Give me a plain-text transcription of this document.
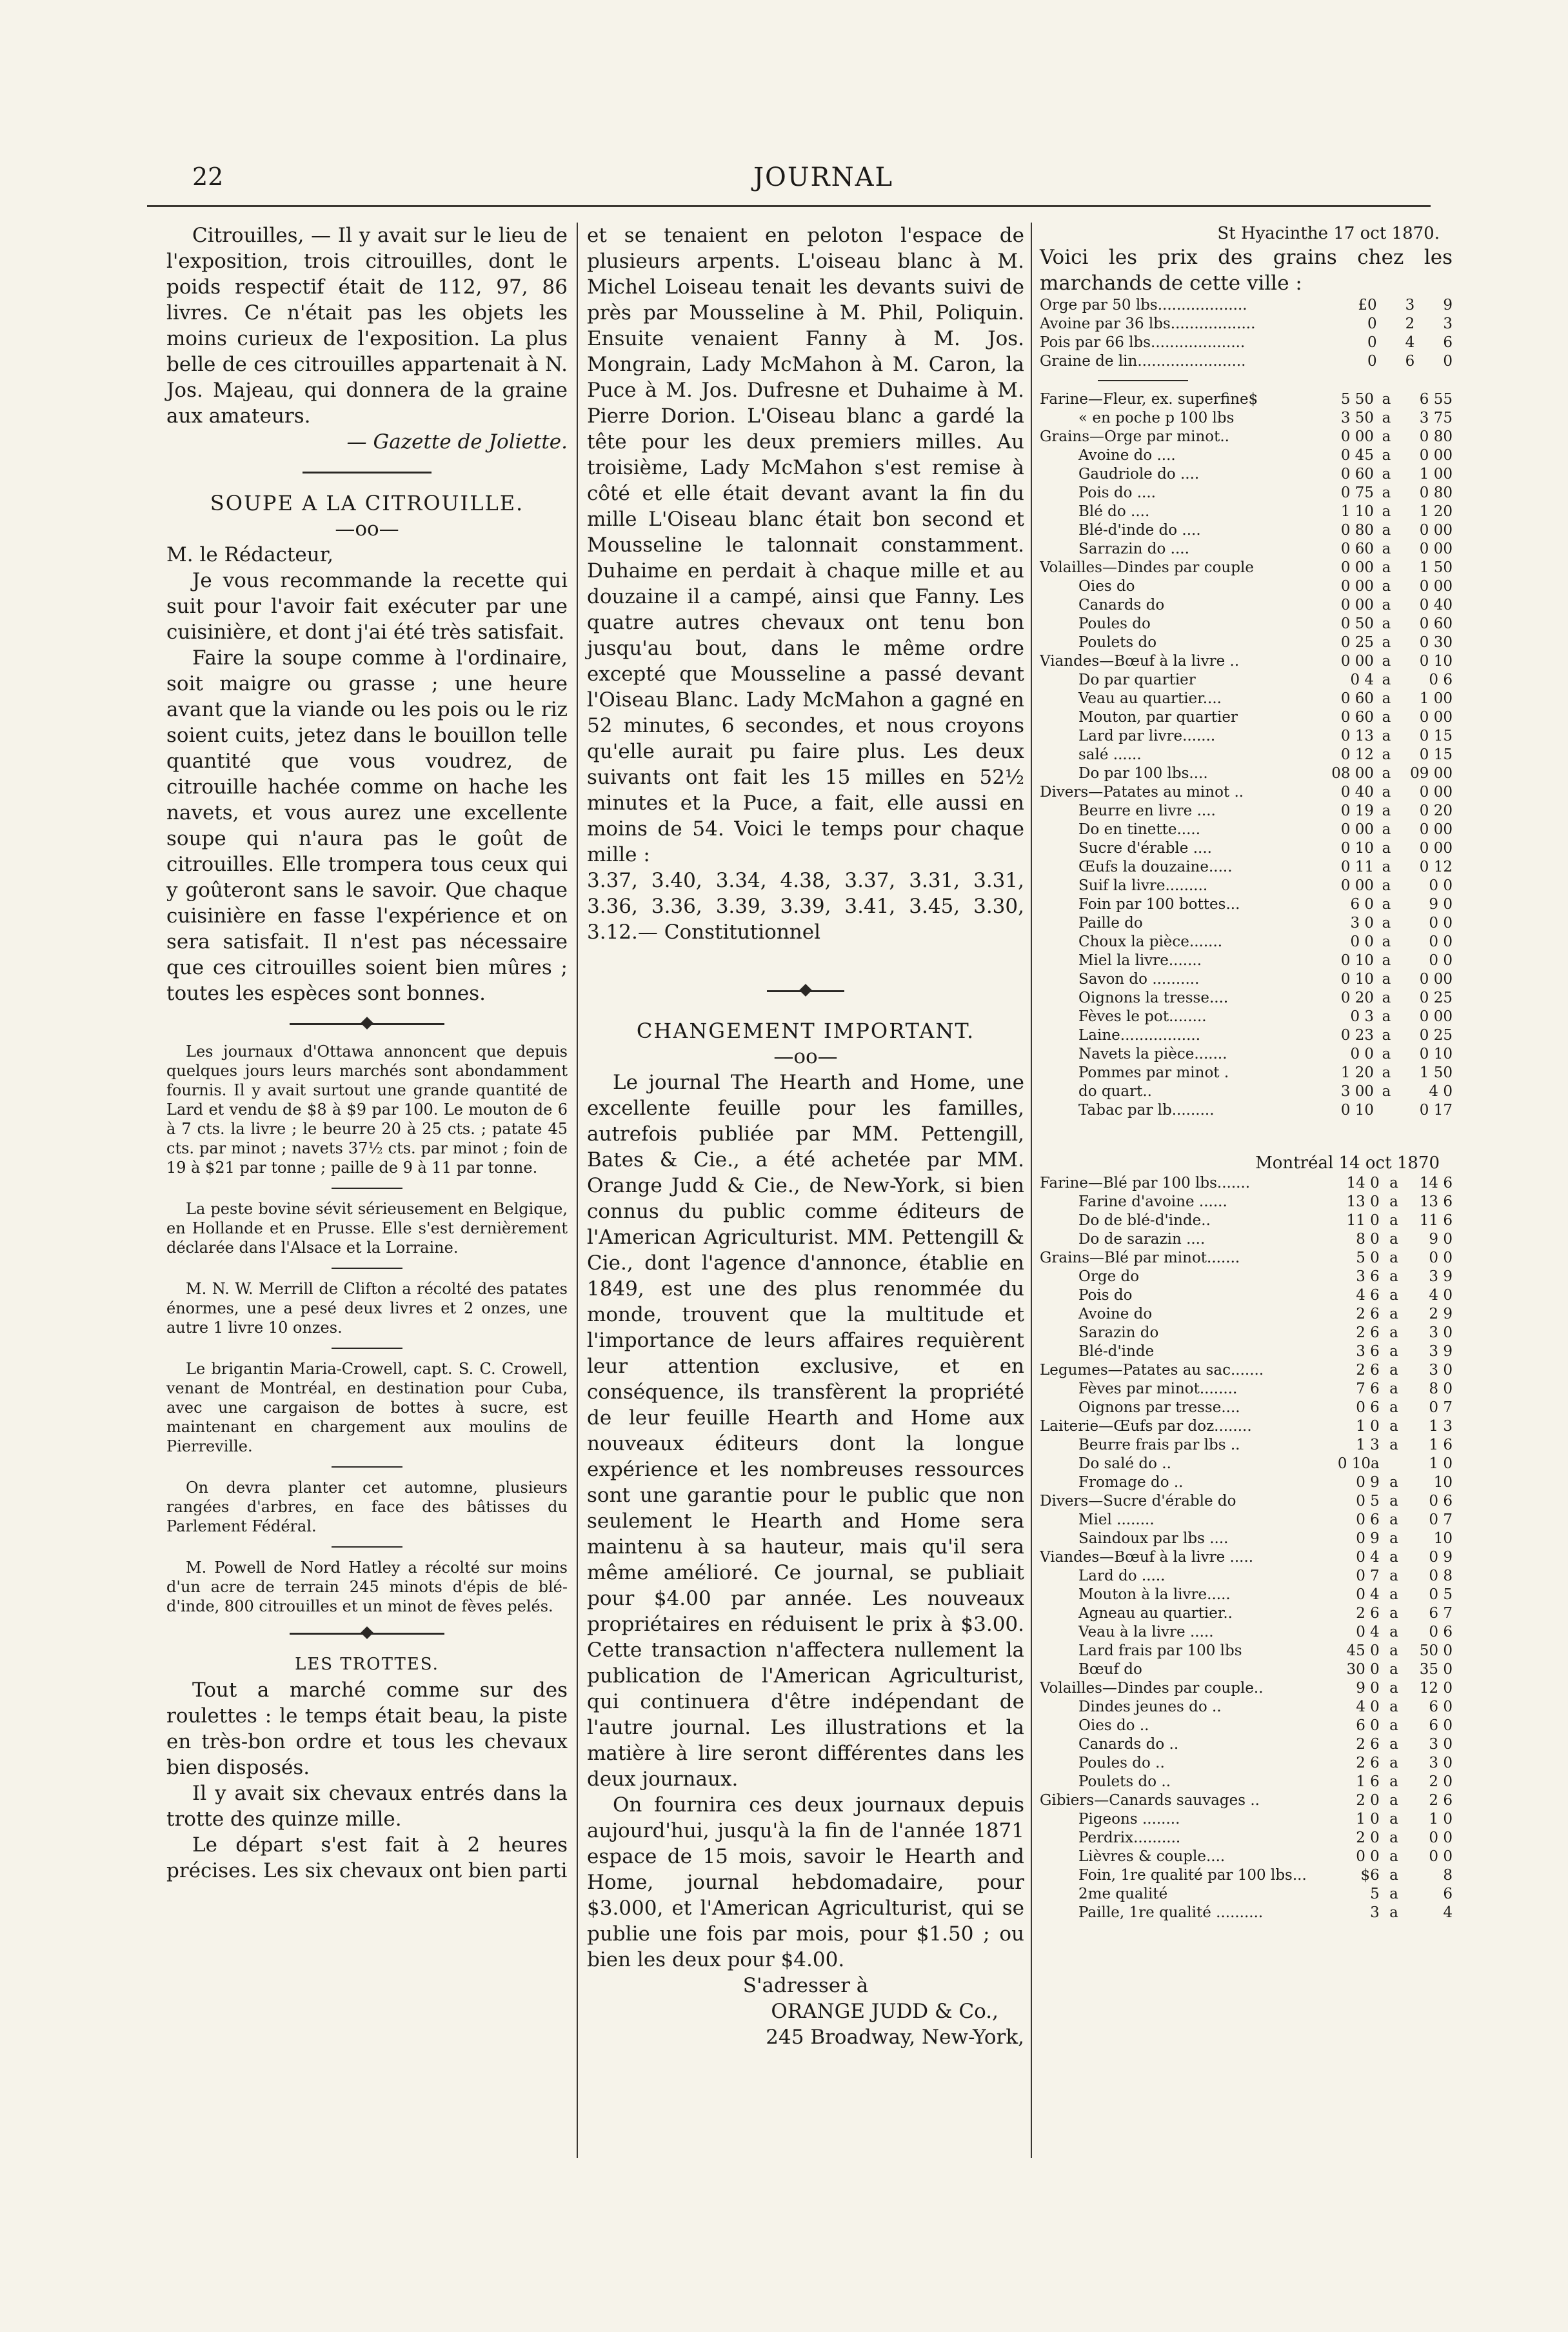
22	JOURNAL

Citrouilles, — Il y avait sur le lieu de l'exposition, trois citrouilles, dont le poids respectif était de 112, 97, 86 livres. Ce n'était pas les objets les moins curieux de l'exposition. La plus belle de ces citrouilles appartenait à N. Jos. Majeau, qui donnera de la graine aux amateurs.

— Gazette de Joliette.

SOUPE A LA CITROUILLE.

—oo—

M. le Rédacteur,

Je vous recommande la recette qui suit pour l'avoir fait exécuter par une cuisinière, et dont j'ai été très satisfait.

Faire la soupe comme à l'ordinaire, soit maigre ou grasse ; une heure avant que la viande ou les pois ou le riz soient cuits, jetez dans le bouillon telle quantité que vous voudrez, de citrouille hachée comme on hache les navets, et vous aurez une excellente soupe qui n'aura pas le goût de citrouilles. Elle trompera tous ceux qui y goûteront sans le savoir. Que chaque cuisinière en fasse l'expérience et on sera satisfait. Il n'est pas nécessaire que ces citrouilles soient bien mûres ; toutes les espèces sont bonnes.

Les journaux d'Ottawa annoncent que depuis quelques jours leurs marchés sont abondamment fournis. Il y avait surtout une grande quantité de Lard et vendu de $8 à $9 par 100. Le mouton de 6 à 7 cts. la livre ; le beurre 20 à 25 cts. ; patate 45 cts. par minot ; navets 37½ cts. par minot ; foin de 19 à $21 par tonne ; paille de 9 à 11 par tonne.

La peste bovine sévit sérieusement en Belgique, en Hollande et en Prusse. Elle s'est dernièrement déclarée dans l'Alsace et la Lorraine.

M. N. W. Merrill de Clifton a récolté des patates énormes, une a pesé deux livres et 2 onzes, une autre 1 livre 10 onzes.

Le brigantin Maria-Crowell, capt. S. C. Crowell, venant de Montréal, en destination pour Cuba, avec une cargaison de bottes à sucre, est maintenant en chargement aux moulins de Pierreville.

On devra planter cet automne, plusieurs rangées d'arbres, en face des bâtisses du Parlement Fédéral.

M. Powell de Nord Hatley a récolté sur moins d'un acre de terrain 245 minots d'épis de blé-d'inde, 800 citrouilles et un minot de fèves pelés.

LES TROTTES.

Tout a marché comme sur des roulettes : le temps était beau, la piste en très-bon ordre et tous les chevaux bien disposés.

Il y avait six chevaux entrés dans la trotte des quinze mille.

Le départ s'est fait à 2 heures précises. Les six chevaux ont bien parti

et se tenaient en peloton l'espace de plusieurs arpents. L'oiseau blanc à M. Michel Loiseau tenait les devants suivi de près par Mousseline à M. Phil, Poliquin. Ensuite venaient Fanny à M. Jos. Mongrain, Lady McMahon à M. Caron, la Puce à M. Jos. Dufresne et Duhaime à M. Pierre Dorion. L'Oiseau blanc a gardé la tête pour les deux premiers milles. Au troisième, Lady McMahon s'est remise à côté et elle était devant avant la fin du mille L'Oiseau blanc était bon second et Mousseline le talonnait constamment. Duhaime en perdait à chaque mille et au douzaine il a campé, ainsi que Fanny. Les quatre autres chevaux ont tenu bon jusqu'au bout, dans le même ordre excepté que Mousseline a passé devant l'Oiseau Blanc. Lady McMahon a gagné en 52 minutes, 6 secondes, et nous croyons qu'elle aurait pu faire plus. Les deux suivants ont fait les 15 milles en 52½ minutes et la Puce, a fait, elle aussi en moins de 54. Voici le temps pour chaque mille :

3.37, 3.40, 3.34, 4.38, 3.37, 3.31, 3.31, 3.36, 3.36, 3.39, 3.39, 3.41, 3.45, 3.30, 3.12.— Constitutionnel

CHANGEMENT IMPORTANT.

—oo—

Le journal The Hearth and Home, une excellente feuille pour les familles, autrefois publiée par MM. Pettengill, Bates & Cie., a été achetée par MM. Orange Judd & Cie., de New-York, si bien connus du public comme éditeurs de l'American Agriculturist. MM. Pettengill & Cie., dont l'agence d'annonce, établie en 1849, est une des plus renommée du monde, trouvent que la multitude et l'importance de leurs affaires requièrent leur attention exclusive, et en conséquence, ils transfèrent la propriété de leur feuille Hearth and Home aux nouveaux éditeurs dont la longue expérience et les nombreuses ressources sont une garantie pour le public que non seulement le Hearth and Home sera maintenu à sa hauteur, mais qu'il sera même amélioré. Ce journal, se publiait pour $4.00 par année. Les nouveaux propriétaires en réduisent le prix à $3.00. Cette transaction n'affectera nullement la publication de l'American Agriculturist, qui continuera d'être indépendant de l'autre journal. Les illustrations et la matière à lire seront différentes dans les deux journaux.

On fournira ces deux journaux depuis aujourd'hui, jusqu'à la fin de l'année 1871 espace de 15 mois, savoir le Hearth and Home, journal hebdomadaire, pour $3.000, et l'American Agriculturist, qui se publie une fois par mois, pour $1.50 ; ou bien les deux pour $4.00.

S'adresser à

ORANGE JUDD & Co.,

245 Broadway, New-York,

St Hyacinthe 17 oct 1870.

Voici les prix des grains chez les marchands de cette ville :

Orge par 50 lbs...................	£0	3	9
Avoine par 36 lbs..................	0	2	3
Pois par 66 lbs....................	0	4	6
Graine de lin.......................	0	6	0
Farine—Fleur, ex. superfine$	5 50	a	6 55
« en poche p 100 lbs	3 50	a	3 75
Grains—Orge par minot..	0 00	a	0 80
Avoine do ....	0 45	a	0 00
Gaudriole do ....	0 60	a	1 00
Pois do ....	0 75	a	0 80
Blé do ....	1 10	a	1 20
Blé-d'inde do ....	0 80	a	0 00
Sarrazin do ....	0 60	a	0 00
Volailles—Dindes par couple	0 00	a	1 50
Oies do	0 00	a	0 00
Canards do	0 00	a	0 40
Poules do	0 50	a	0 60
Poulets do	0 25	a	0 30
Viandes—Bœuf à la livre ..	0 00	a	0 10
Do par quartier	0 4	a	0 6
Veau au quartier....	0 60	a	1 00
Mouton, par quartier	0 60	a	0 00
Lard par livre.......	0 13	a	0 15
salé ......	0 12	a	0 15
Do par 100 lbs....	08 00	a	09 00
Divers—Patates au minot ..	0 40	a	0 00
Beurre en livre ....	0 19	a	0 20
Do en tinette.....	0 00	a	0 00
Sucre d'érable ....	0 10	a	0 00
Œufs la douzaine.....	0 11	a	0 12
Suif la livre.........	0 00	a	0 0
Foin par 100 bottes...	6 0	a	9 0
Paille do	3 0	a	0 0
Choux la pièce.......	0 0	a	0 0
Miel la livre.......	0 10	a	0 0
Savon do ..........	0 10	a	0 00
Oignons la tresse....	0 20	a	0 25
Fèves le pot........	0 3	a	0 00
Laine.................	0 23	a	0 25
Navets la pièce.......	0 0	a	0 10
Pommes par minot .	1 20	a	1 50
do quart..	3 00	a	4 0
Tabac par lb.........	0 10		0 17
Montréal 14 oct 1870
Farine—Blé par 100 lbs.......	14 0	a	14 6
Farine d'avoine ......	13 0	a	13 6
Do de blé-d'inde..	11 0	a	11 6
Do de sarazin ....	8 0	a	9 0
Grains—Blé par minot.......	5 0	a	0 0
Orge do	3 6	a	3 9
Pois do	4 6	a	4 0
Avoine do	2 6	a	2 9
Sarazin do	2 6	a	3 0
Blé-d'inde	3 6	a	3 9
Legumes—Patates au sac.......	2 6	a	3 0
Fèves par minot........	7 6	a	8 0
Oignons par tresse....	0 6	a	0 7
Laiterie—Œufs par doz........	1 0	a	1 3
Beurre frais par lbs ..	1 3	a	1 6
Do salé do ..	0 10a		1 0
Fromage do ..	0 9	a	10
Divers—Sucre d'érable do	0 5	a	0 6
Miel ........	0 6	a	0 7
Saindoux par lbs ....	0 9	a	10
Viandes—Bœuf à la livre .....	0 4	a	0 9
Lard do .....	0 7	a	0 8
Mouton à la livre.....	0 4	a	0 5
Agneau au quartier..	2 6	a	6 7
Veau à la livre .....	0 4	a	0 6
Lard frais par 100 lbs	45 0	a	50 0
Bœuf do	30 0	a	35 0
Volailles—Dindes par couple..	9 0	a	12 0
Dindes jeunes do ..	4 0	a	6 0
Oies do ..	6 0	a	6 0
Canards do ..	2 6	a	3 0
Poules do ..	2 6	a	3 0
Poulets do ..	1 6	a	2 0
Gibiers—Canards sauvages ..	2 0	a	2 6
Pigeons ........	1 0	a	1 0
Perdrix..........	2 0	a	0 0
Lièvres & couple....	0 0	a	0 0
Foin, 1re qualité par 100 lbs...	$6	a	8
2me qualité	5	a	6
Paille, 1re qualité ..........	3	a	4
